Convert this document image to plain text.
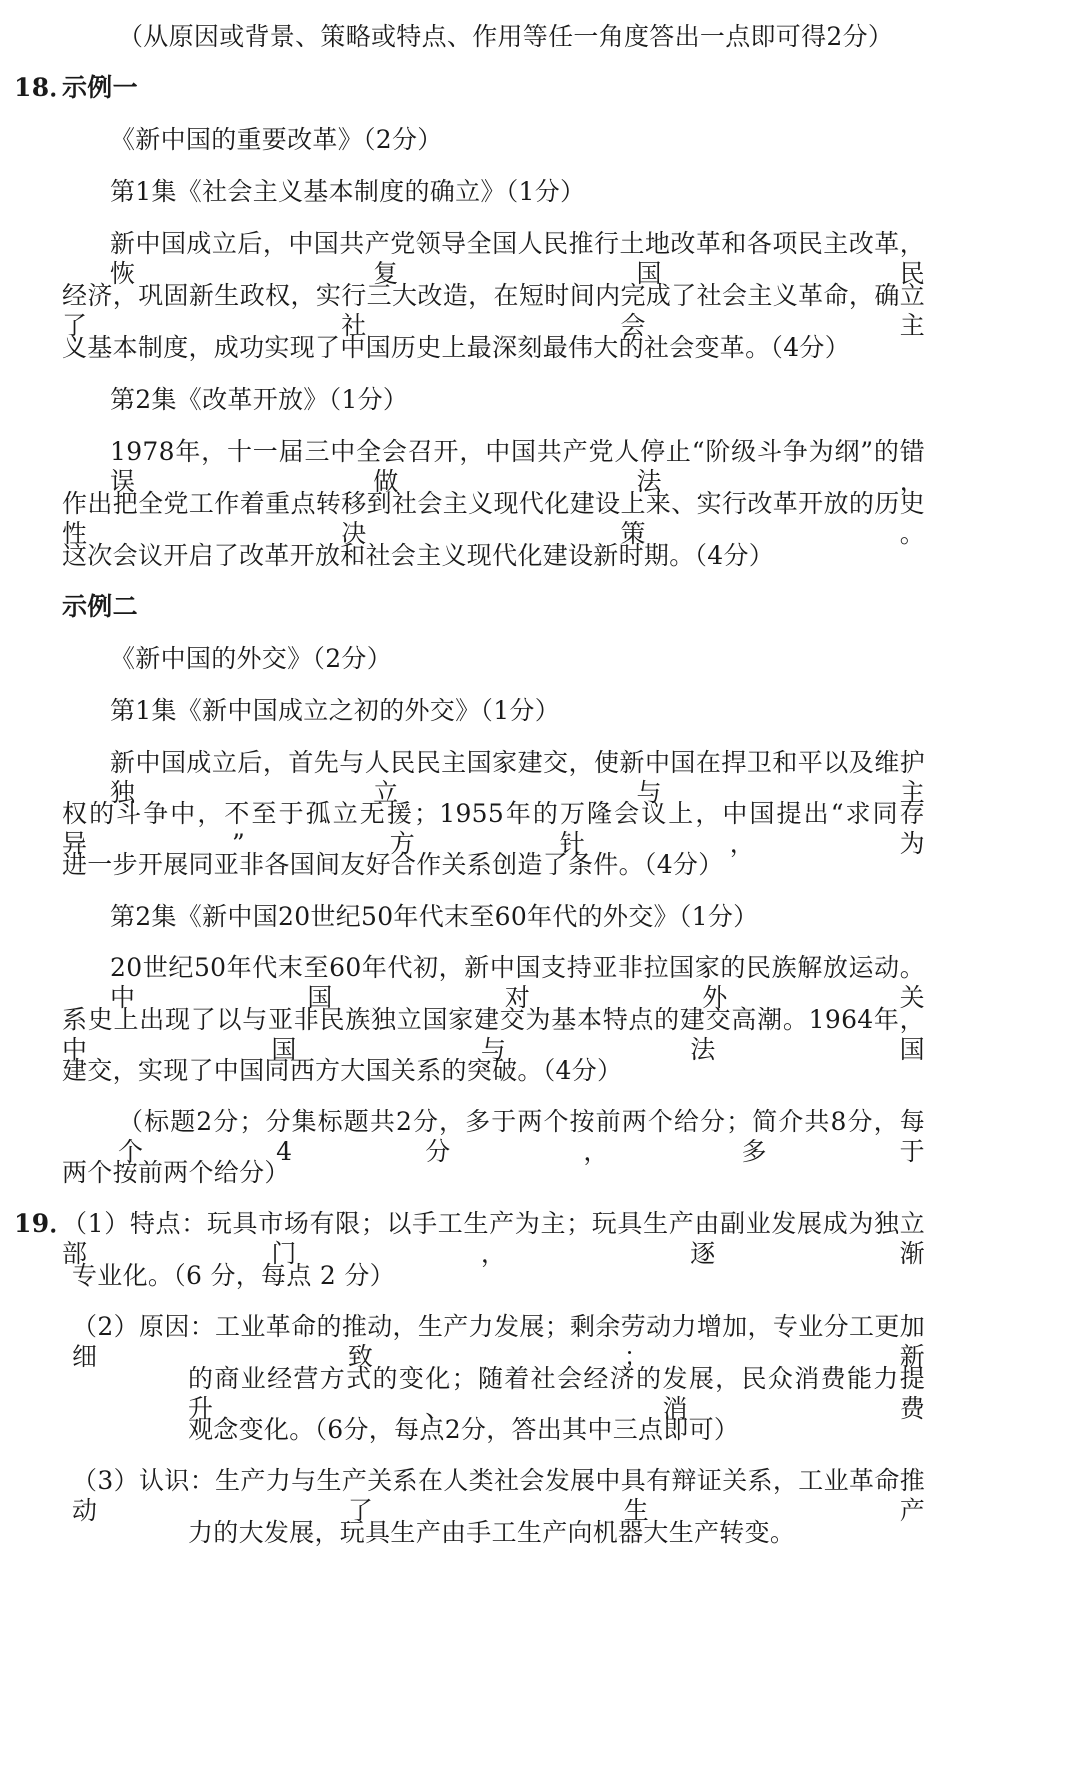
（从原因或背景、策略或特点、作用等任一角度答出一点即可得2分）
18．
示例一
《新中国的重要改革》（2分）
第1集《社会主义基本制度的确立》（1分）
新中国成立后，中国共产党领导全国人民推行土地改革和各项民主改革，恢复国民
经济，巩固新生政权，实行三大改造，在短时间内完成了社会主义革命，确立了社会主
义基本制度，成功实现了中国历史上最深刻最伟大的社会变革。（4分）
第2集《改革开放》（1分）
1978年，十一届三中全会召开，中国共产党人停止“阶级斗争为纲”的错误做法，
作出把全党工作着重点转移到社会主义现代化建设上来、实行改革开放的历史性决策。
这次会议开启了改革开放和社会主义现代化建设新时期。（4分）
示例二
《新中国的外交》（2分）
第1集《新中国成立之初的外交》（1分）
新中国成立后，首先与人民民主国家建交，使新中国在捍卫和平以及维护独立与主
权的斗争中，不至于孤立无援；1955年的万隆会议上，中国提出“求同存异”方针，为
进一步开展同亚非各国间友好合作关系创造了条件。（4分）
第2集《新中国20世纪50年代末至60年代的外交》（1分）
20世纪50年代末至60年代初，新中国支持亚非拉国家的民族解放运动。中国对外关
系史上出现了以与亚非民族独立国家建交为基本特点的建交高潮。1964年，中国与法国
建交，实现了中国同西方大国关系的突破。（4分）
（标题2分；分集标题共2分，多于两个按前两个给分；简介共8分，每个4分，多于
两个按前两个给分）
19．
（1）特点：玩具市场有限；以手工生产为主；玩具生产由副业发展成为独立部门，逐渐
专业化。（6 分，每点 2 分）
（2）原因：工业革命的推动，生产力发展；剩余劳动力增加，专业分工更加细致；新
的商业经营方式的变化；随着社会经济的发展，民众消费能力提升、消费
观念变化。（6分，每点2分，答出其中三点即可）
（3）认识：生产力与生产关系在人类社会发展中具有辩证关系，工业革命推动了生产
力的大发展，玩具生产由手工生产向机器大生产转变。
